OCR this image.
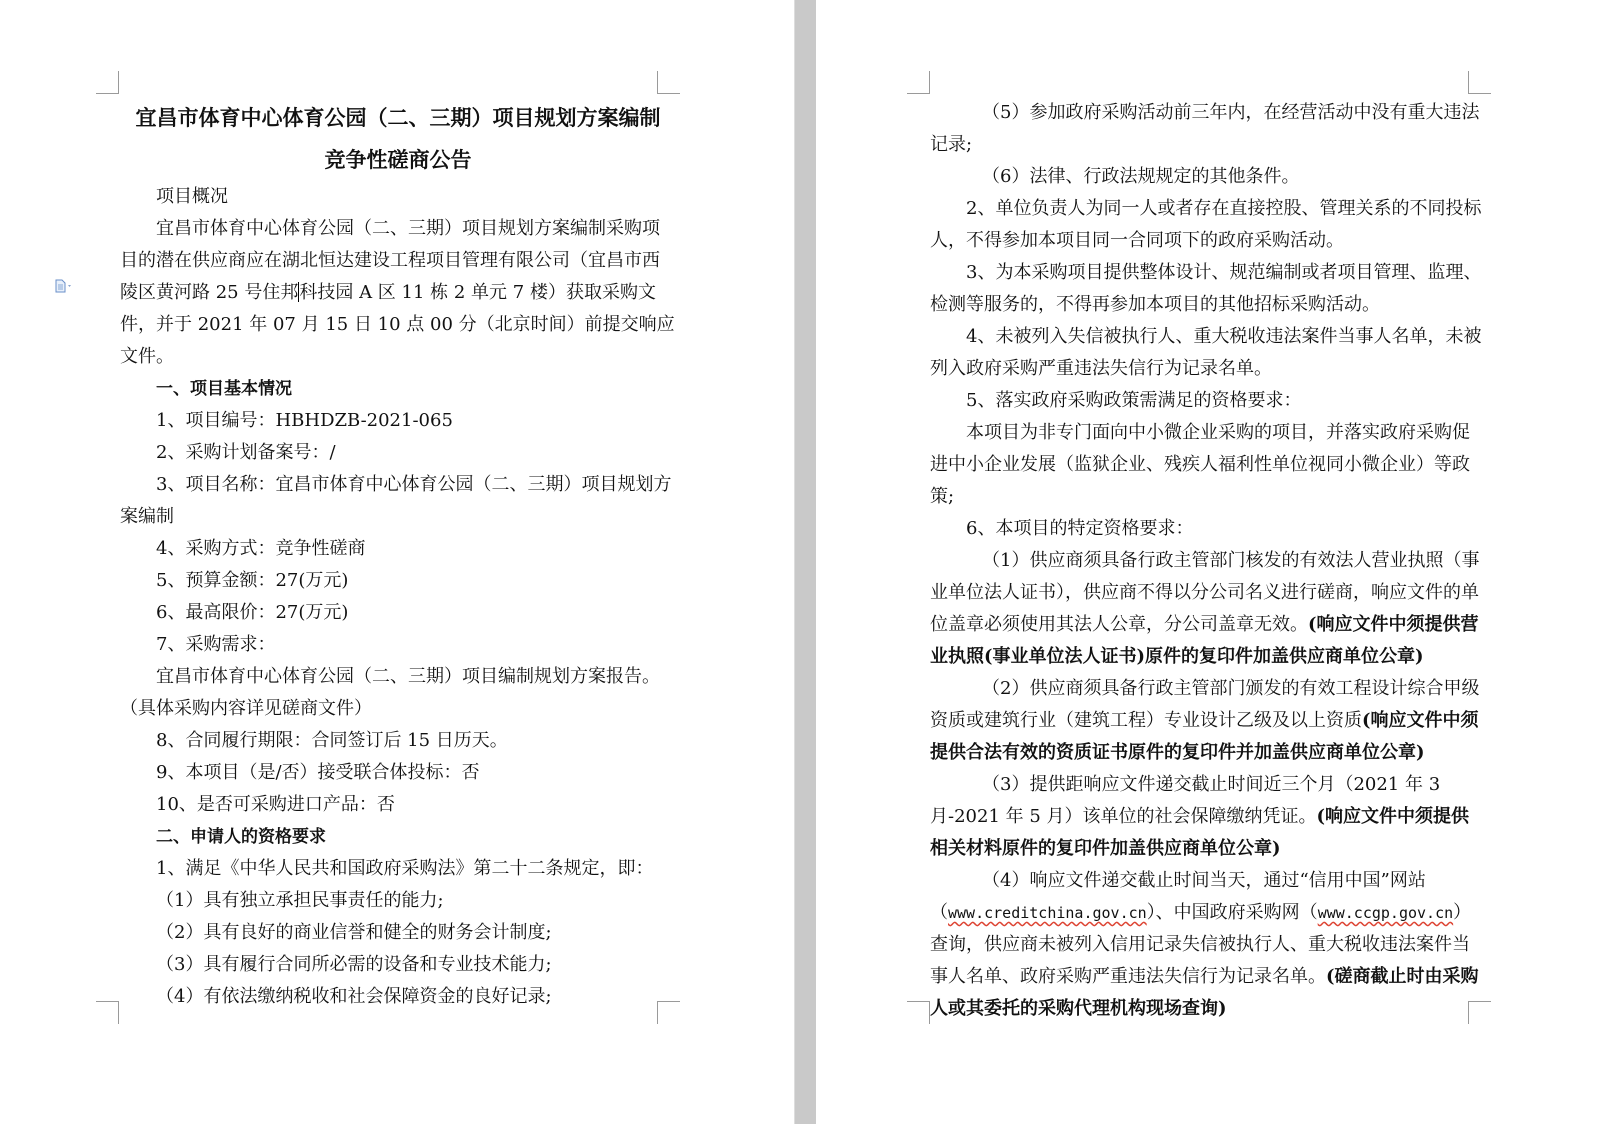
宜昌市体育中心体育公园（二、三期）项目规划方案编制

竞争性磋商公告

项目概况

宜昌市体育中心体育公园（二、三期）项目规划方案编制采购项目的潜在供应商应在湖北恒达建设工程项目管理有限公司（宜昌市西陵区黄河路 25 号住邦科技园 A 区 11 栋 2 单元 7 楼）获取采购文件，并于 2021 年 07 月 15 日 10 点 00 分（北京时间）前提交响应文件。

一、项目基本情况

1、项目编号：HBHDZB-2021-065

2、采购计划备案号：/

3、项目名称：宜昌市体育中心体育公园（二、三期）项目规划方案编制

4、采购方式：竞争性磋商

5、预算金额：27(万元)

6、最高限价：27(万元)

7、采购需求：

宜昌市体育中心体育公园（二、三期）项目编制规划方案报告。（具体采购内容详见磋商文件）

8、合同履行期限：合同签订后 15 日历天。

9、本项目（是/否）接受联合体投标：否

10、是否可采购进口产品：否

二、申请人的资格要求

1、满足《中华人民共和国政府采购法》第二十二条规定，即：

（1）具有独立承担民事责任的能力;

（2）具有良好的商业信誉和健全的财务会计制度;

（3）具有履行合同所必需的设备和专业技术能力;

（4）有依法缴纳税收和社会保障资金的良好记录;

（5）参加政府采购活动前三年内，在经营活动中没有重大违法记录;

（6）法律、行政法规规定的其他条件。

2、单位负责人为同一人或者存在直接控股、管理关系的不同投标人，不得参加本项目同一合同项下的政府采购活动。

3、为本采购项目提供整体设计、规范编制或者项目管理、监理、检测等服务的，不得再参加本项目的其他招标采购活动。

4、未被列入失信被执行人、重大税收违法案件当事人名单，未被列入政府采购严重违法失信行为记录名单。

5、落实政府采购政策需满足的资格要求：

本项目为非专门面向中小微企业采购的项目，并落实政府采购促进中小企业发展（监狱企业、残疾人福利性单位视同小微企业）等政策;

6、本项目的特定资格要求：

（1）供应商须具备行政主管部门核发的有效法人营业执照（事业单位法人证书），供应商不得以分公司名义进行磋商，响应文件的单位盖章必须使用其法人公章，分公司盖章无效。(响应文件中须提供营业执照(事业单位法人证书)原件的复印件加盖供应商单位公章)

（2）供应商须具备行政主管部门颁发的有效工程设计综合甲级资质或建筑行业（建筑工程）专业设计乙级及以上资质(响应文件中须提供合法有效的资质证书原件的复印件并加盖供应商单位公章)

（3）提供距响应文件递交截止时间近三个月（2021 年 3 月-2021 年 5 月）该单位的社会保障缴纳凭证。(响应文件中须提供相关材料原件的复印件加盖供应商单位公章)

（4）响应文件递交截止时间当天，通过“信用中国”网站（www.creditchina.gov.cn）、中国政府采购网（www.ccgp.gov.cn）查询，供应商未被列入信用记录失信被执行人、重大税收违法案件当事人名单、政府采购严重违法失信行为记录名单。(磋商截止时由采购人或其委托的采购代理机构现场查询)
